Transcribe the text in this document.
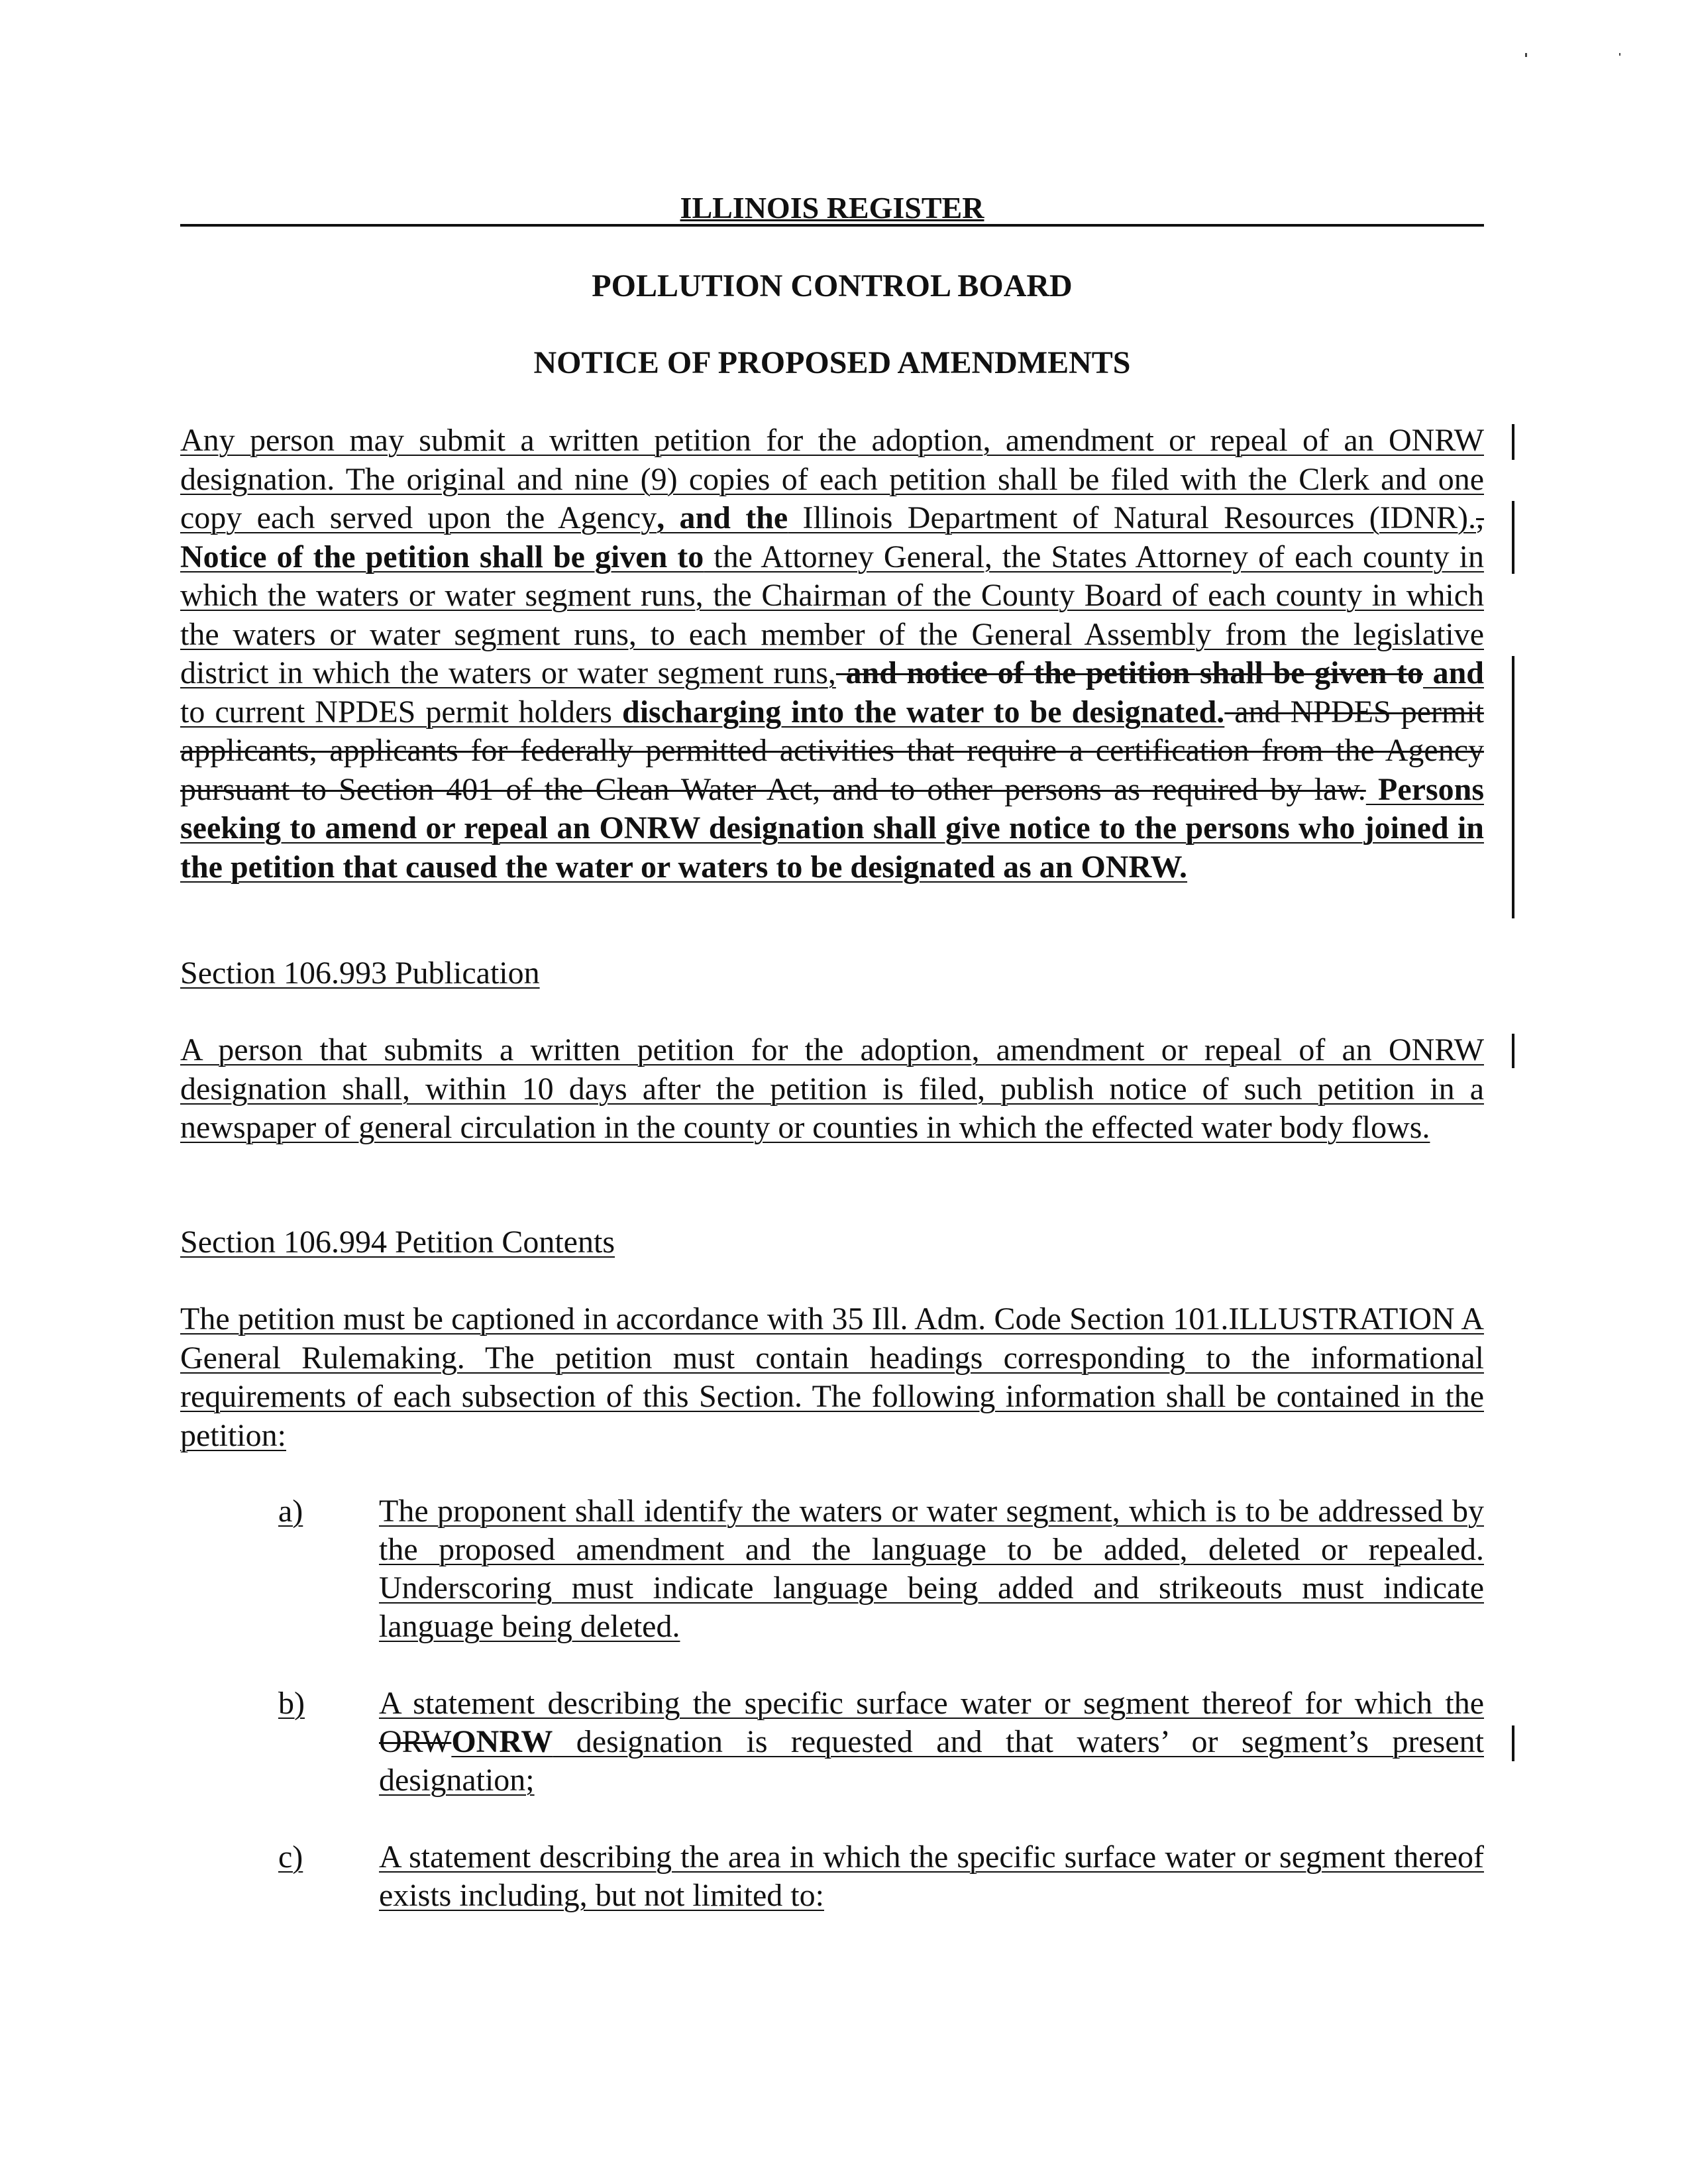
ILLINOIS REGISTER
POLLUTION CONTROL BOARD
NOTICE OF PROPOSED AMENDMENTS
Any person may submit a written petition for the adoption, amendment or repeal of an ONRW designation. The original and nine (9) copies of each petition shall be filed with the Clerk and one copy each served upon the Agency, and the Illinois Department of Natural Resources (IDNR)., Notice of the petition shall be given to the Attorney General, the States Attorney of each county in which the waters or water segment runs, the Chairman of the County Board of each county in which the waters or water segment runs, to each member of the General Assembly from the legislative district in which the waters or water segment runs, and notice of the petition shall be given to and to current NPDES permit holders discharging into the water to be designated. and NPDES permit applicants, applicants for federally permitted activities that require a certification from the Agency pursuant to Section 401 of the Clean Water Act, and to other persons as required by law. Persons seeking to amend or repeal an ONRW designation shall give notice to the persons who joined in the petition that caused the water or waters to be designated as an ONRW.
Section 106.993 Publication
A person that submits a written petition for the adoption, amendment or repeal of an ONRW designation shall, within 10 days after the petition is filed, publish notice of such petition in a newspaper of general circulation in the county or counties in which the effected water body flows.
Section 106.994 Petition Contents
The petition must be captioned in accordance with 35 Ill. Adm. Code Section 101.ILLUSTRATION A General Rulemaking. The petition must contain headings corresponding to the informational requirements of each subsection of this Section. The following information shall be contained in the petition:
a) The proponent shall identify the waters or water segment, which is to be addressed by the proposed amendment and the language to be added, deleted or repealed. Underscoring must indicate language being added and strikeouts must indicate language being deleted.
b) A statement describing the specific surface water or segment thereof for which the ORWONRW designation is requested and that waters’ or segment’s present designation;
c) A statement describing the area in which the specific surface water or segment thereof exists including, but not limited to:
